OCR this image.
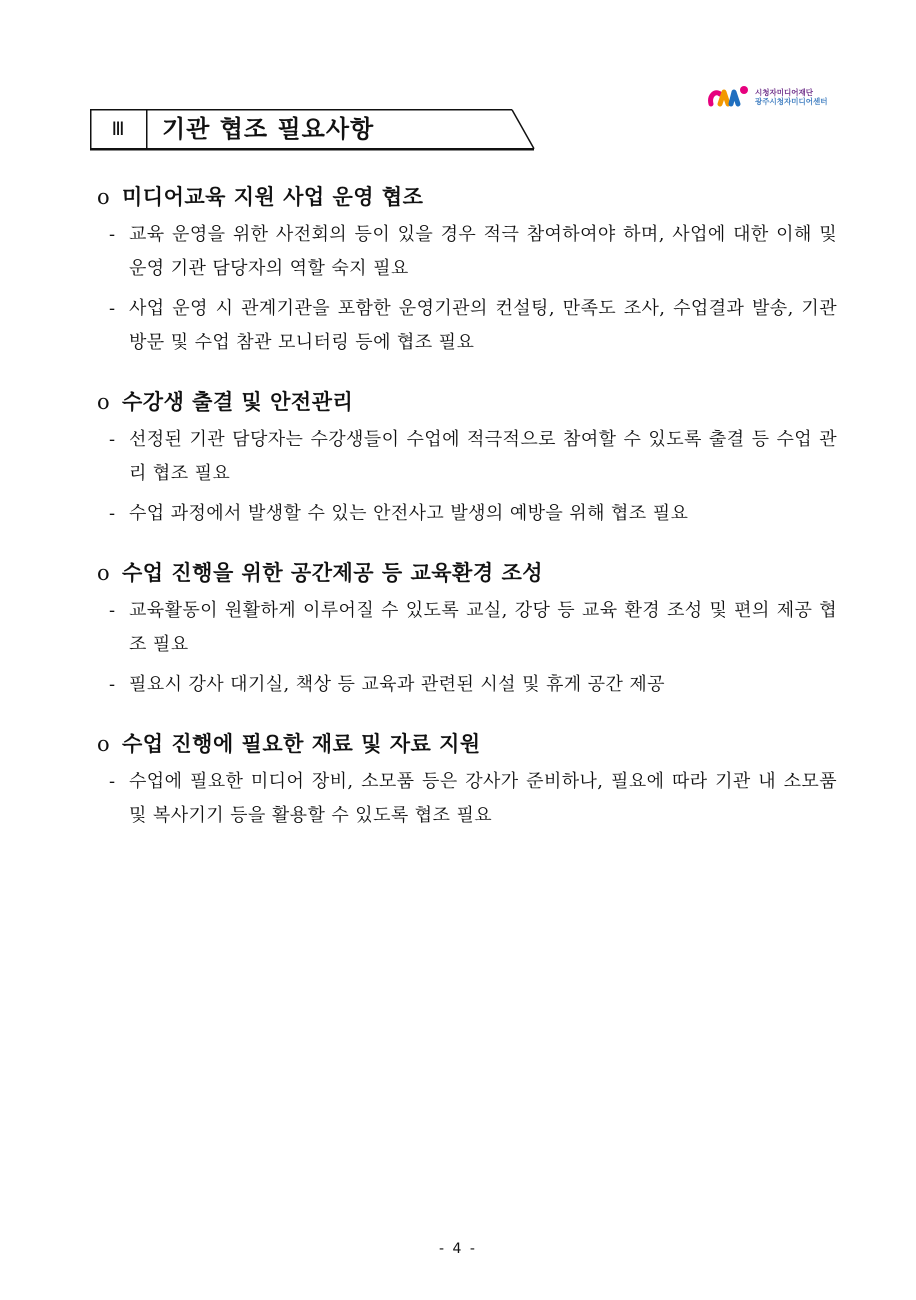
시청자미디어재단
광주시청자미디어센터
Ⅲ	기관 협조 필요사항
o 미디어교육 지원 사업 운영 협조
- 교육 운영을 위한 사전회의 등이 있을 경우 적극 참여하여야 하며, 사업에 대한 이해 및 운영 기관 담당자의 역할 숙지 필요
- 사업 운영 시 관계기관을 포함한 운영기관의 컨설팅, 만족도 조사, 수업결과 발송, 기관 방문 및 수업 참관 모니터링 등에 협조 필요
o 수강생 출결 및 안전관리
- 선정된 기관 담당자는 수강생들이 수업에 적극적으로 참여할 수 있도록 출결 등 수업 관리 협조 필요
- 수업 과정에서 발생할 수 있는 안전사고 발생의 예방을 위해 협조 필요
o 수업 진행을 위한 공간제공 등 교육환경 조성
- 교육활동이 원활하게 이루어질 수 있도록 교실, 강당 등 교육 환경 조성 및 편의 제공 협조 필요
- 필요시 강사 대기실, 책상 등 교육과 관련된 시설 및 휴게 공간 제공
o 수업 진행에 필요한 재료 및 자료 지원
- 수업에 필요한 미디어 장비, 소모품 등은 강사가 준비하나, 필요에 따라 기관 내 소모품 및 복사기기 등을 활용할 수 있도록 협조 필요
- 4 -
